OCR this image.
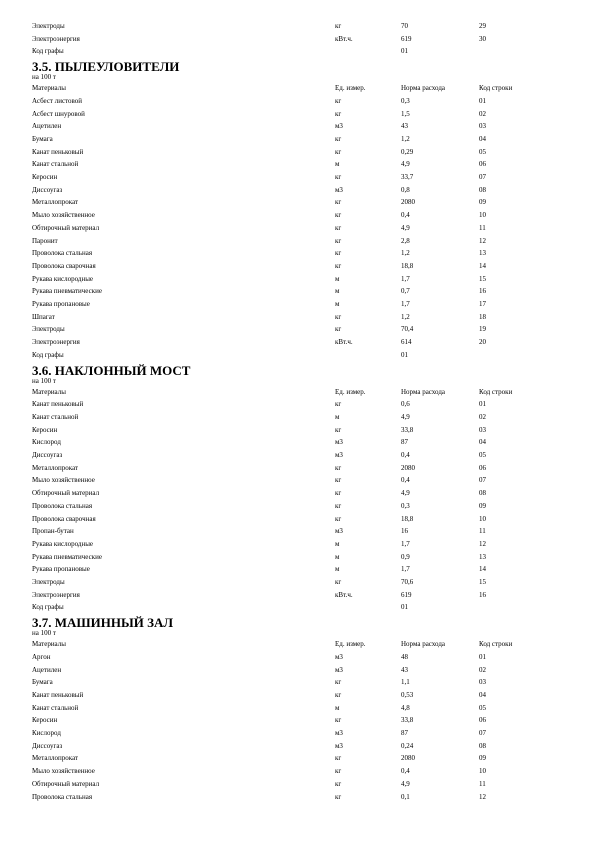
Электроды	кг	70	29
Электроэнергия	кВт.ч.	619	30
Код графы	01
3.5. ПЫЛЕУЛОВИТЕЛИ
на 100 т
Материалы	Ед. измер.	Норма расхода	Код строки
Асбест листовой	кг	0,3	01
Асбест шнуровой	кг	1,5	02
Ацетилен	м3	43	03
Бумага	кг	1,2	04
Канат пеньковый	кг	0,29	05
Канат стальной	м	4,9	06
Керосин	кг	33,7	07
Диссоугаз	м3	0,8	08
Металлопрокат	кг	2080	09
Мыло хозяйственное	кг	0,4	10
Обтирочный материал	кг	4,9	11
Паронит	кг	2,8	12
Проволока стальная	кг	1,2	13
Проволока сварочная	кг	18,8	14
Рукава кислородные	м	1,7	15
Рукава пневматические	м	0,7	16
Рукава пропановые	м	1,7	17
Шпагат	кг	1,2	18
Электроды	кг	70,4	19
Электроэнергия	кВт.ч.	614	20
Код графы	01
3.6. НАКЛОННЫЙ МОСТ
на 100 т
Материалы	Ед. измер.	Норма расхода	Код строки
Канат пеньковый	кг	0,6	01
Канат стальной	м	4,9	02
Керосин	кг	33,8	03
Кислород	м3	87	04
Диссоугаз	м3	0,4	05
Металлопрокат	кг	2080	06
Мыло хозяйственное	кг	0,4	07
Обтирочный материал	кг	4,9	08
Проволока стальная	кг	0,3	09
Проволока сварочная	кг	18,8	10
Пропан-бутан	м3	16	11
Рукава кислородные	м	1,7	12
Рукава пневматические	м	0,9	13
Рукава пропановые	м	1,7	14
Электроды	кг	70,6	15
Электроэнергия	кВт.ч.	619	16
Код графы	01
3.7. МАШИННЫЙ ЗАЛ
на 100 т
Материалы	Ед. измер.	Норма расхода	Код строки
Аргон	м3	48	01
Ацетилен	м3	43	02
Бумага	кг	1,1	03
Канат пеньковый	кг	0,53	04
Канат стальной	м	4,8	05
Керосин	кг	33,8	06
Кислород	м3	87	07
Диссоугаз	м3	0,24	08
Металлопрокат	кг	2080	09
Мыло хозяйственное	кг	0,4	10
Обтирочный материал	кг	4,9	11
Проволока стальная	кг	0,1	12
